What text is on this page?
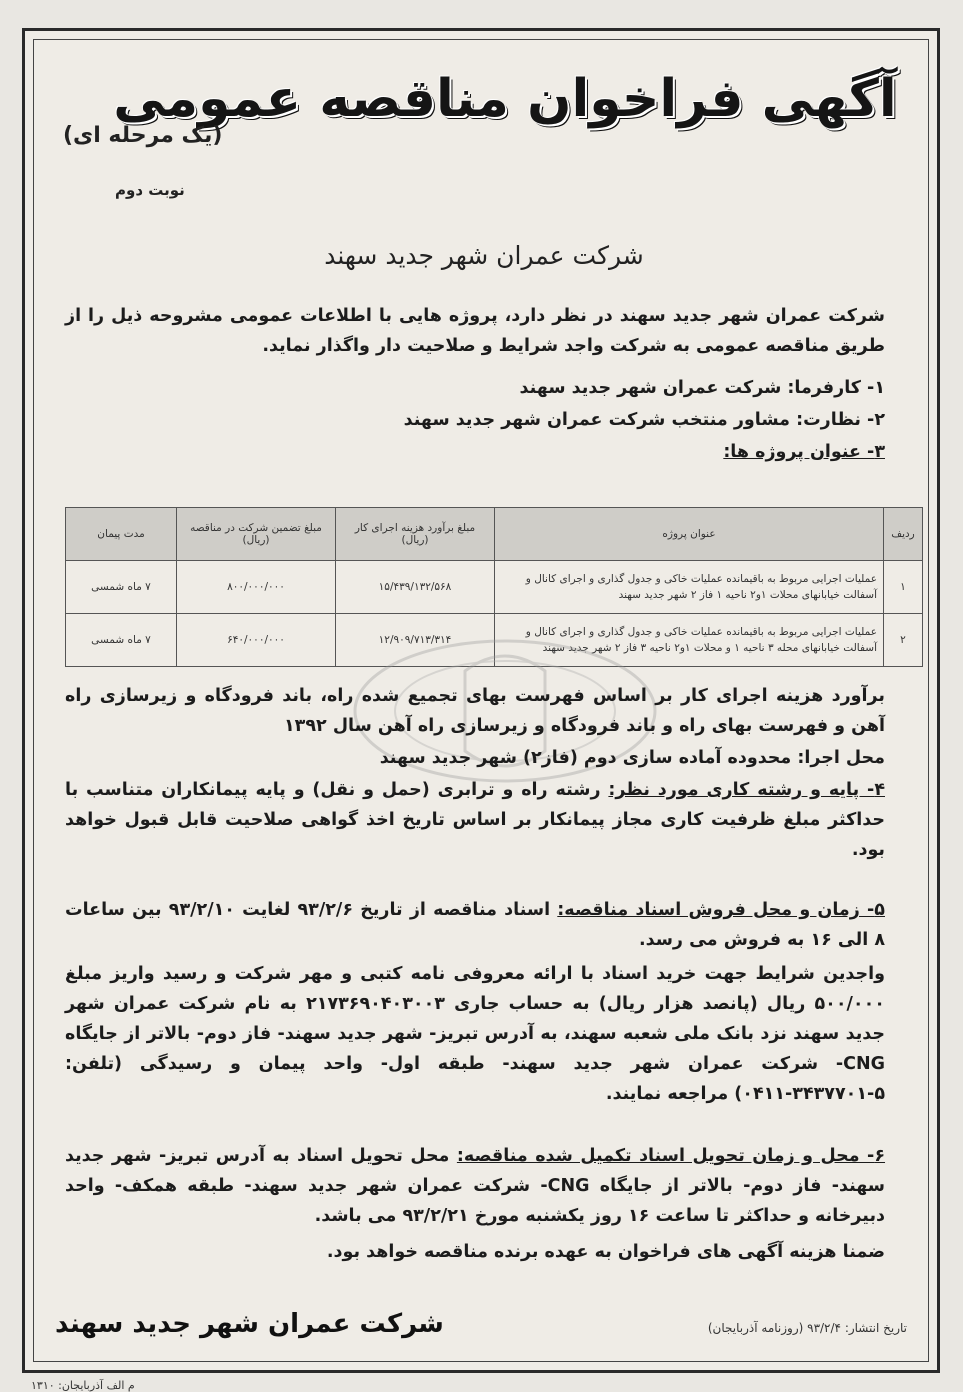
آگهی فراخوان مناقصه عمومی
(یک مرحله ای)
نوبت دوم
شرکت عمران شهر جدید سهند
شرکت عمران شهر جدید سهند در نظر دارد، پروژه هایی با اطلاعات عمومی مشروحه ذیل را از طریق مناقصه عمومی به شرکت واجد شرایط و صلاحیت دار واگذار نماید.
۱- کارفرما: شرکت عمران شهر جدید سهند
۲- نظارت: مشاور منتخب شرکت عمران شهر جدید سهند
۳- عنوان پروژه ها:
ردیف	عنوان پروژه	مبلغ برآورد هزینه اجرای کار (ریال)	مبلغ تضمین شرکت در مناقصه (ریال)	مدت پیمان
۱	عملیات اجرایی مربوط به باقیمانده عملیات خاکی و جدول گذاری و اجرای کانال و آسفالت خیابانهای محلات ۱و۲ ناحیه ۱ فاز ۲ شهر جدید سهند	۱۵/۴۳۹/۱۳۲/۵۶۸	۸۰۰/۰۰۰/۰۰۰	۷ ماه شمسی
۲	عملیات اجرایی مربوط به باقیمانده عملیات خاکی و جدول گذاری و اجرای کانال و آسفالت خیابانهای محله ۳ ناحیه ۱ و محلات ۱و۲ ناحیه ۳ فاز ۲ شهر جدید سهند	۱۲/۹۰۹/۷۱۳/۳۱۴	۶۴۰/۰۰۰/۰۰۰	۷ ماه شمسی
برآورد هزینه اجرای کار بر اساس فهرست بهای تجمیع شده راه، باند فرودگاه و زیرسازی راه آهن و فهرست بهای راه و باند فرودگاه و زیرسازی راه آهن سال ۱۳۹۲
محل اجرا: محدوده آماده سازی دوم (فاز۲) شهر جدید سهند
۴- پایه و رشته کاری مورد نظر: رشته راه و ترابری (حمل و نقل) و پایه پیمانکاران متناسب با حداکثر مبلغ ظرفیت کاری مجاز پیمانکار بر اساس تاریخ اخذ گواهی صلاحیت قابل قبول خواهد بود.
۵- زمان و محل فروش اسناد مناقصه: اسناد مناقصه از تاریخ ۹۳/۲/۶ لغایت ۹۳/۲/۱۰ بین ساعات ۸ الی ۱۶ به فروش می رسد.
واجدین شرایط جهت خرید اسناد با ارائه معروفی نامه کتبی و مهر شرکت و رسید واریز مبلغ ۵۰۰/۰۰۰ ریال (پانصد هزار ریال) به حساب جاری ۲۱۷۳۶۹۰۴۰۳۰۰۳ به نام شرکت عمران شهر جدید سهند نزد بانک ملی شعبه سهند، به آدرس تبریز- شهر جدید سهند- فاز دوم- بالاتر از جایگاه CNG- شرکت عمران شهر جدید سهند- طبقه اول- واحد پیمان و رسیدگی (تلفن: ۵-۳۴۳۷۷۰۱-۰۴۱۱) مراجعه نمایند.
۶- محل و زمان تحویل اسناد تکمیل شده مناقصه: محل تحویل اسناد به آدرس تبریز- شهر جدید سهند- فاز دوم- بالاتر از جایگاه CNG- شرکت عمران شهر جدید سهند- طبقه همکف- واحد دبیرخانه و حداکثر تا ساعت ۱۶ روز یکشنبه مورخ ۹۳/۲/۲۱ می باشد.
ضمنا هزینه آگهی های فراخوان به عهده برنده مناقصه خواهد بود.
شرکت عمران شهر جدید سهند	تاریخ انتشار: ۹۳/۲/۴ (روزنامه آذربایجان)
م الف آذربایجان: ۱۳۱۰
